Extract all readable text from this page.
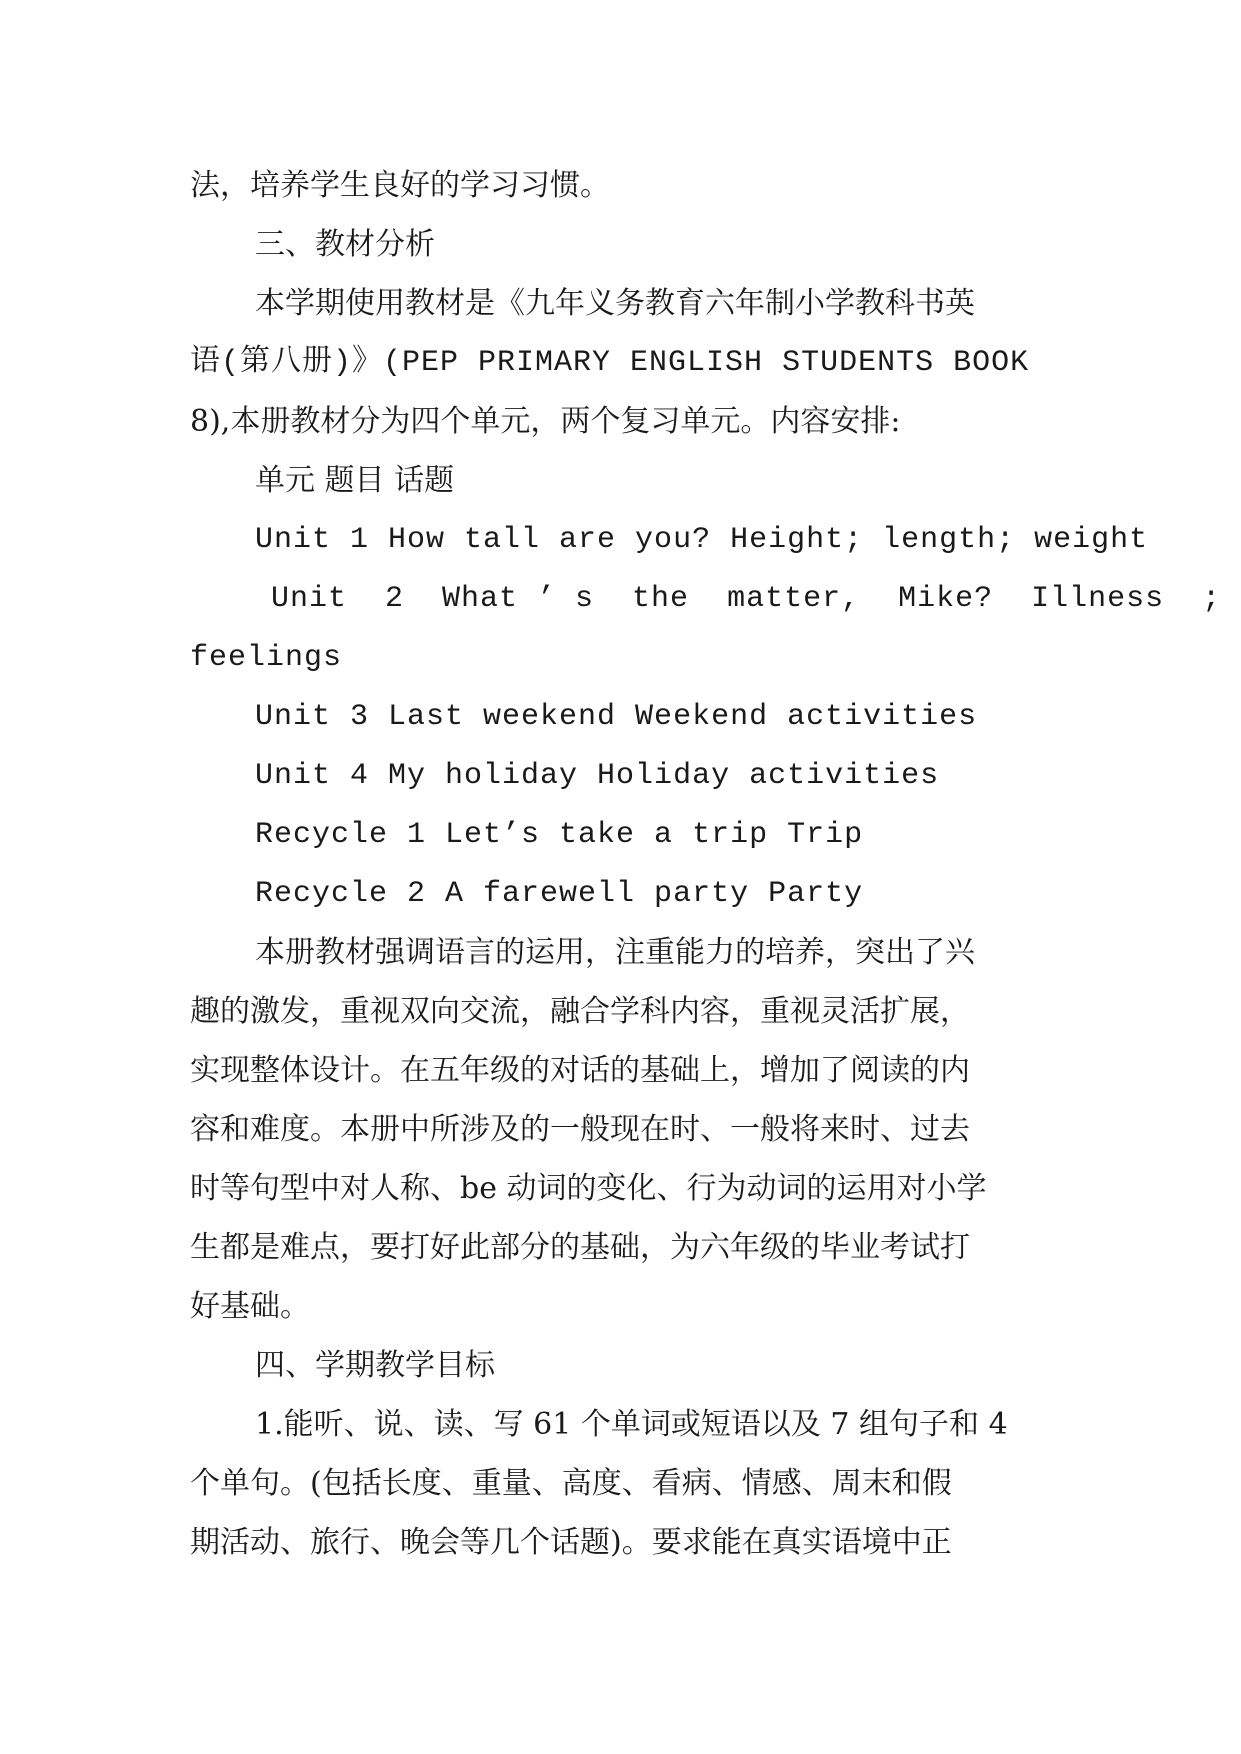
法，培养学生良好的学习习惯。
三、教材分析
本学期使用教材是《九年义务教育六年制小学教科书英
语(第八册)》(PEP PRIMARY ENGLISH STUDENTS BOOK
8),本册教材分为四个单元，两个复习单元。内容安排:
单元 题目 话题
Unit 1 How tall are you? Height; length; weight
Unit  2  What ’ s  the  matter,  Mike?  Illness  ;
feelings
Unit 3 Last weekend Weekend activities
Unit 4 My holiday Holiday activities
Recycle 1 Let’s take a trip Trip
Recycle 2 A farewell party Party
本册教材强调语言的运用，注重能力的培养，突出了兴
趣的激发，重视双向交流，融合学科内容，重视灵活扩展，
实现整体设计。在五年级的对话的基础上，增加了阅读的内
容和难度。本册中所涉及的一般现在时、一般将来时、过去
时等句型中对人称、be 动词的变化、行为动词的运用对小学
生都是难点，要打好此部分的基础，为六年级的毕业考试打
好基础。
四、学期教学目标
1.能听、说、读、写 61 个单词或短语以及 7 组句子和 4
个单句。(包括长度、重量、高度、看病、情感、周末和假
期活动、旅行、晚会等几个话题)。要求能在真实语境中正
